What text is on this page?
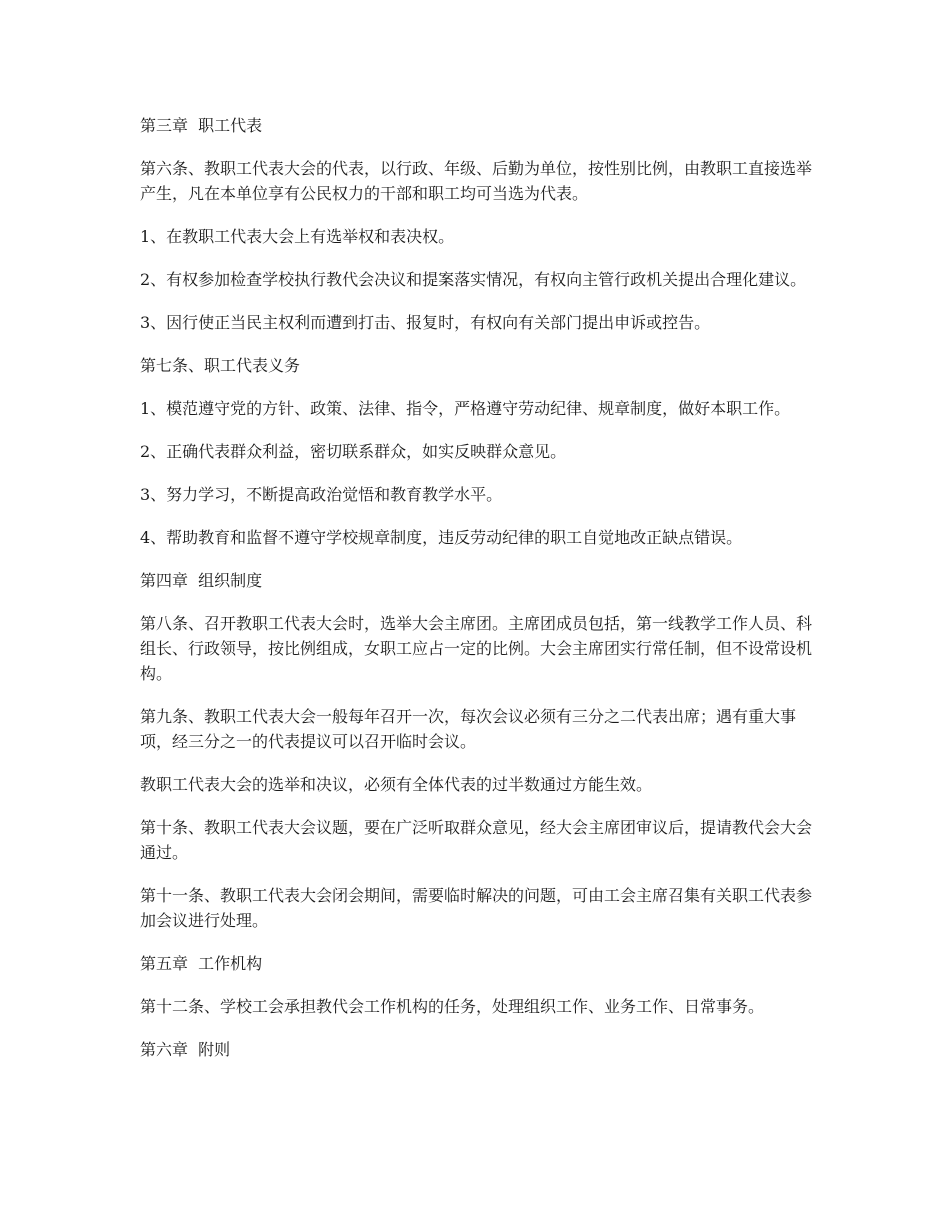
第三章  职工代表

第六条、教职工代表大会的代表，以行政、年级、后勤为单位，按性别比例，由教职工直接选举产生，凡在本单位享有公民权力的干部和职工均可当选为代表。

1、在教职工代表大会上有选举权和表决权。

2、有权参加检查学校执行教代会决议和提案落实情况，有权向主管行政机关提出合理化建议。

3、因行使正当民主权利而遭到打击、报复时，有权向有关部门提出申诉或控告。

第七条、职工代表义务

1、模范遵守党的方针、政策、法律、指令，严格遵守劳动纪律、规章制度，做好本职工作。

2、正确代表群众利益，密切联系群众，如实反映群众意见。

3、努力学习，不断提高政治觉悟和教育教学水平。

4、帮助教育和监督不遵守学校规章制度，违反劳动纪律的职工自觉地改正缺点错误。

第四章  组织制度

第八条、召开教职工代表大会时，选举大会主席团。主席团成员包括，第一线教学工作人员、科组长、行政领导，按比例组成，女职工应占一定的比例。大会主席团实行常任制，但不设常设机构。

第九条、教职工代表大会一般每年召开一次，每次会议必须有三分之二代表出席；遇有重大事项，经三分之一的代表提议可以召开临时会议。

教职工代表大会的选举和决议，必须有全体代表的过半数通过方能生效。

第十条、教职工代表大会议题，要在广泛听取群众意见，经大会主席团审议后，提请教代会大会通过。

第十一条、教职工代表大会闭会期间，需要临时解决的问题，可由工会主席召集有关职工代表参加会议进行处理。

第五章  工作机构

第十二条、学校工会承担教代会工作机构的任务，处理组织工作、业务工作、日常事务。

第六章  附则
